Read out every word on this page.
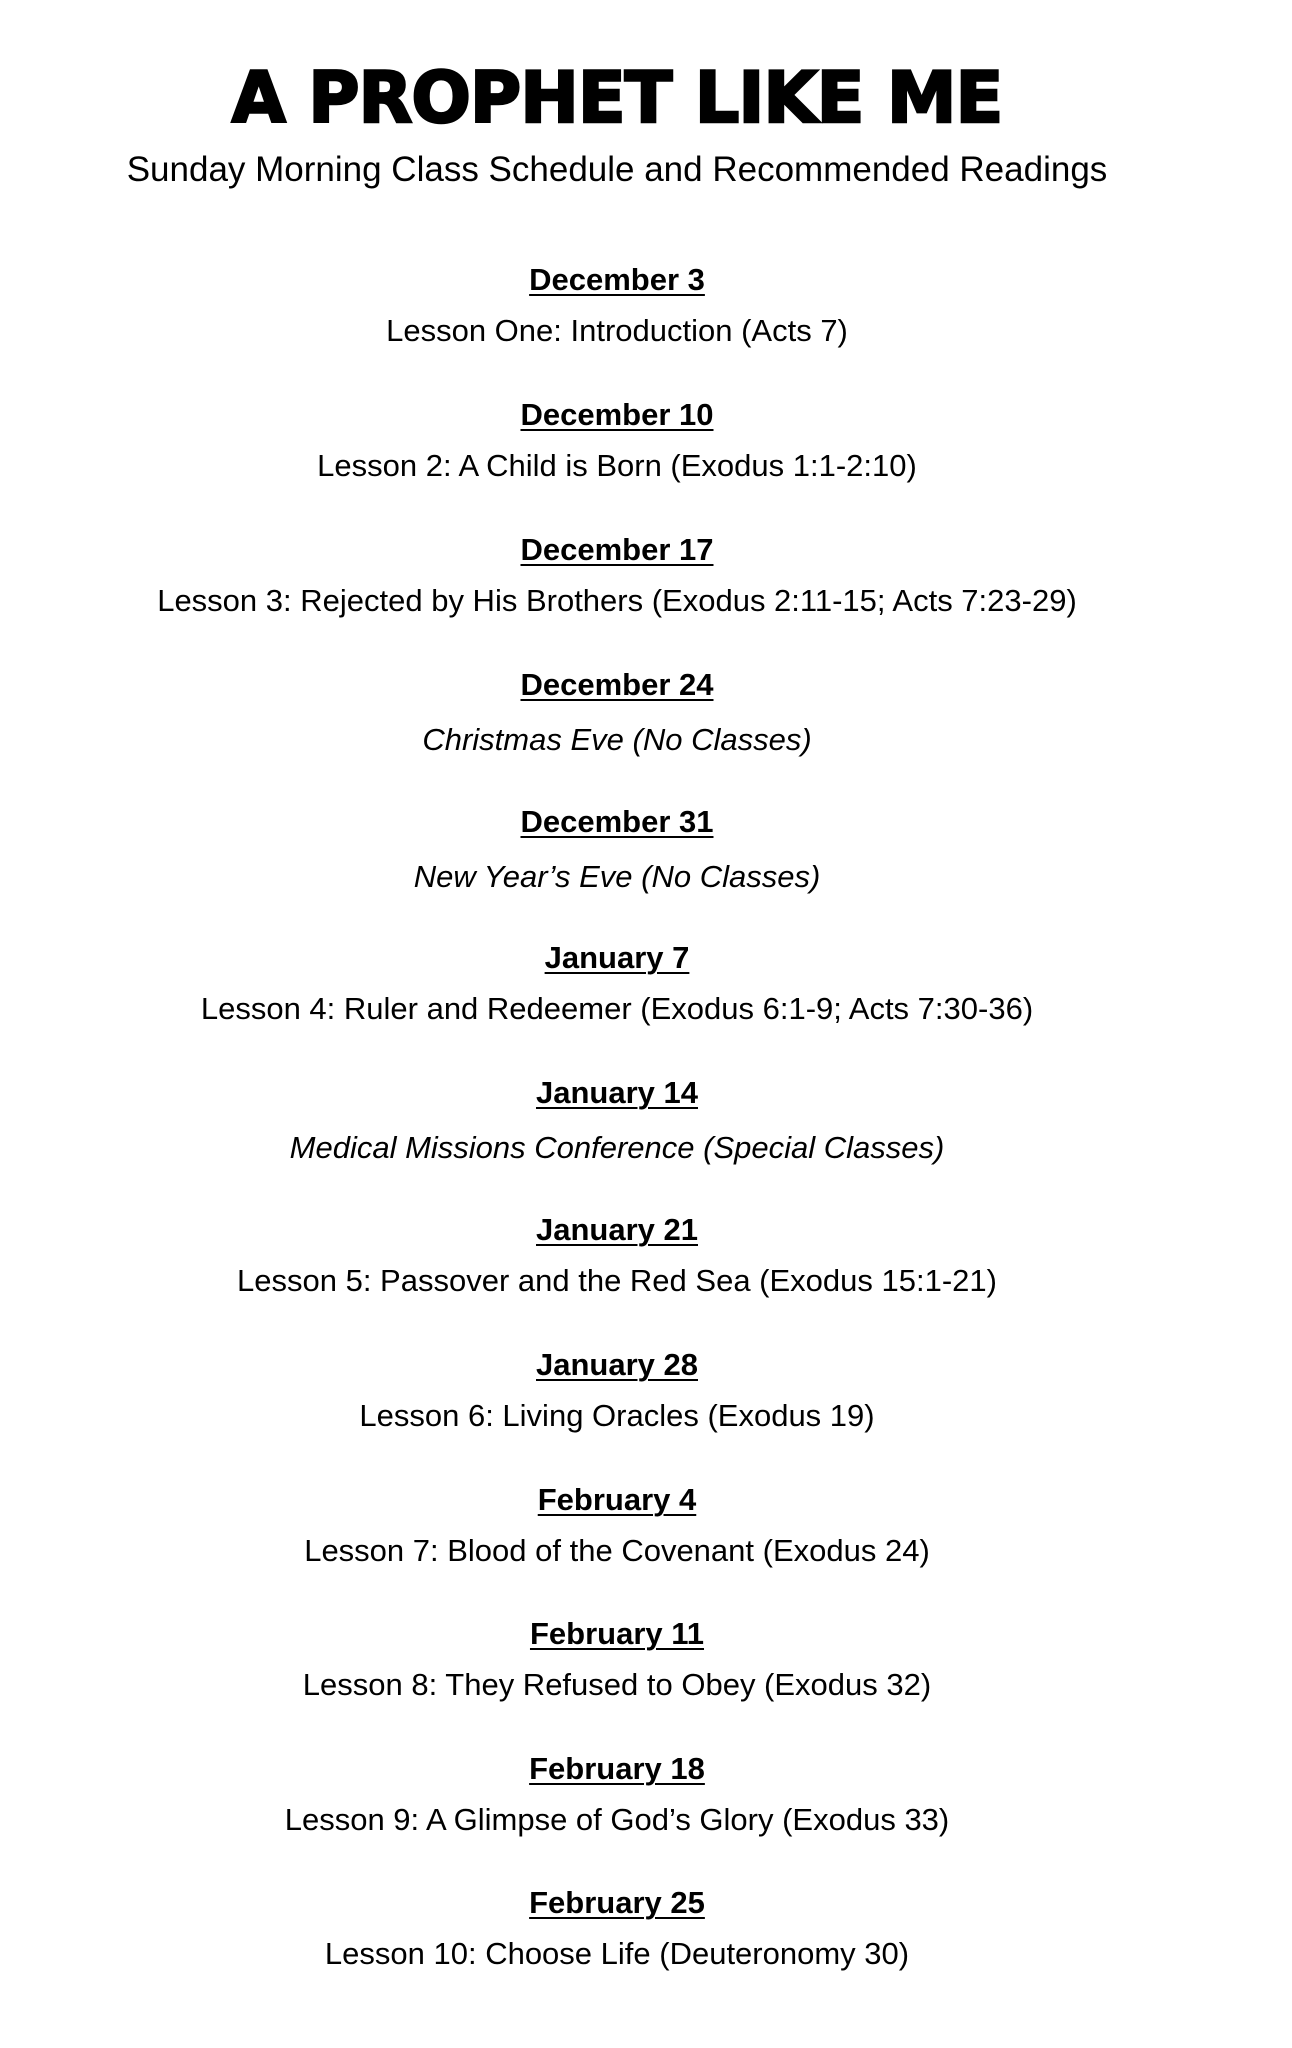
A PROPHET LIKE ME

Sunday Morning Class Schedule and Recommended Readings

December 3
Lesson One: Introduction (Acts 7)
December 10
Lesson 2: A Child is Born (Exodus 1:1-2:10)
December 17
Lesson 3: Rejected by His Brothers (Exodus 2:11-15; Acts 7:23-29)
December 24
Christmas Eve (No Classes)
December 31
New Year’s Eve (No Classes)
January 7
Lesson 4: Ruler and Redeemer (Exodus 6:1-9; Acts 7:30-36)
January 14
Medical Missions Conference (Special Classes)
January 21
Lesson 5: Passover and the Red Sea (Exodus 15:1-21)
January 28
Lesson 6: Living Oracles (Exodus 19)
February 4
Lesson 7: Blood of the Covenant (Exodus 24)
February 11
Lesson 8: They Refused to Obey (Exodus 32)
February 18
Lesson 9: A Glimpse of God’s Glory (Exodus 33)
February 25
Lesson 10: Choose Life (Deuteronomy 30)
